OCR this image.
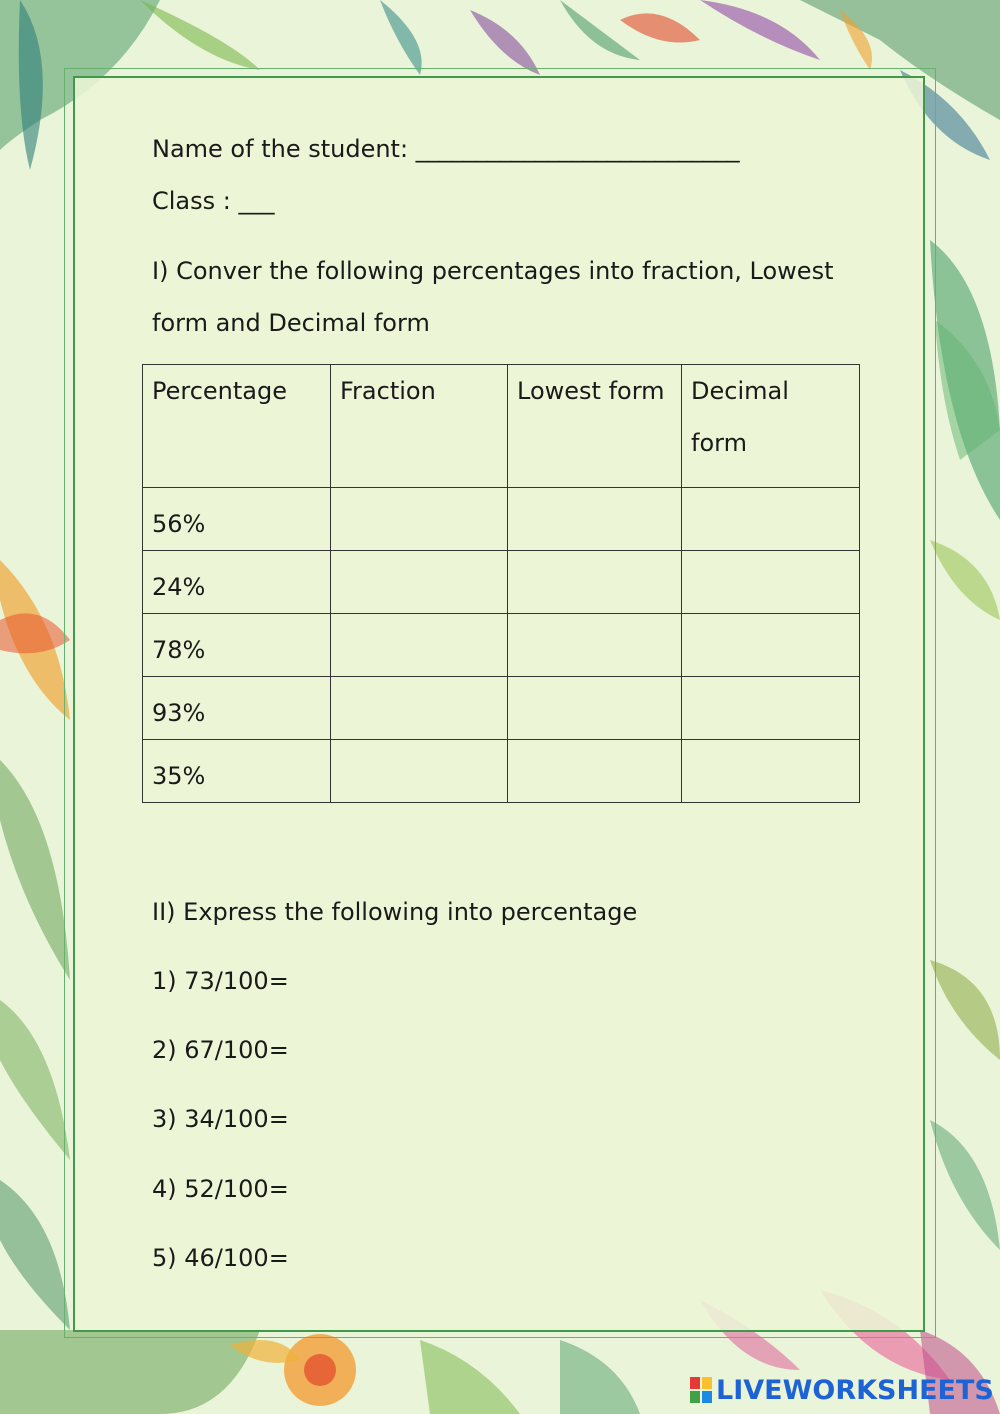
Name of the student: ___________________________
Class : ___
I) Conver the following percentages into fraction, Lowest
form and Decimal form
Percentage	Fraction	Lowest form	Decimal form
56%			
24%			
78%			
93%			
35%			
II) Express the following into percentage
1) 73/100=
2) 67/100=
3) 34/100=
4) 52/100=
5) 46/100=
LIVEWORKSHEETS
